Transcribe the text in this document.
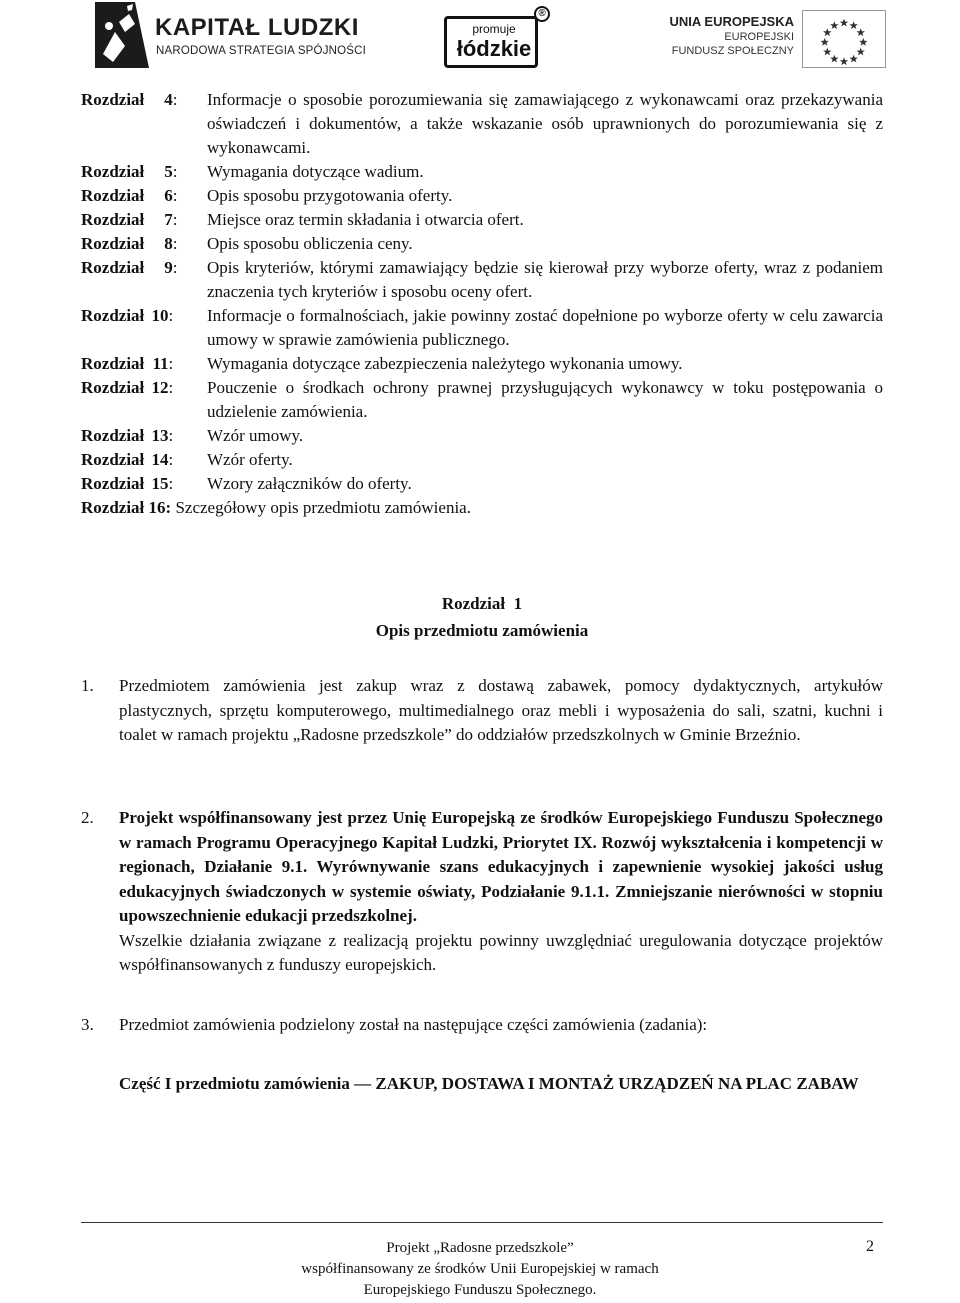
KAPITAŁ LUDZKI
NARODOWA STRATEGIA SPÓJNOŚCI
promuje
łódzkie
®
UNIA EUROPEJSKA
EUROPEJSKI
FUNDUSZ SPOŁECZNY
Rozdział 4: Informacje o sposobie porozumiewania się zamawiającego z wykonawcami oraz przekazywania oświadczeń i dokumentów, a także wskazanie osób uprawnionych do porozumiewania się z wykonawcami.
Rozdział 5: Wymagania dotyczące wadium.
Rozdział 6: Opis sposobu przygotowania oferty.
Rozdział 7: Miejsce oraz termin składania i otwarcia ofert.
Rozdział 8: Opis sposobu obliczenia ceny.
Rozdział 9: Opis kryteriów, którymi zamawiający będzie się kierował przy wyborze oferty, wraz z podaniem znaczenia tych kryteriów i sposobu oceny ofert.
Rozdział 10: Informacje o formalnościach, jakie powinny zostać dopełnione po wyborze oferty w celu zawarcia umowy w sprawie zamówienia publicznego.
Rozdział 11: Wymagania dotyczące zabezpieczenia należytego wykonania umowy.
Rozdział 12: Pouczenie o środkach ochrony prawnej przysługujących wykonawcy w toku postępowania o udzielenie zamówienia.
Rozdział 13: Wzór umowy.
Rozdział 14: Wzór oferty.
Rozdział 15: Wzory załączników do oferty.
Rozdział 16: Szczegółowy opis przedmiotu zamówienia.
Rozdział  1
Opis przedmiotu zamówienia
1. Przedmiotem zamówienia jest zakup wraz z dostawą zabawek, pomocy dydaktycznych, artykułów plastycznych, sprzętu komputerowego, multimedialnego oraz mebli i wyposażenia do sali, szatni, kuchni i toalet w ramach projektu „Radosne przedszkole” do oddziałów przedszkolnych w Gminie Brzeźnio.
2. Projekt współfinansowany jest przez Unię Europejską ze środków Europejskiego Funduszu Społecznego w ramach Programu Operacyjnego Kapitał Ludzki, Priorytet IX. Rozwój wykształcenia i kompetencji w regionach, Działanie 9.1. Wyrównywanie szans edukacyjnych i zapewnienie wysokiej jakości usług edukacyjnych świadczonych w systemie oświaty, Podziałanie 9.1.1. Zmniejszanie nierówności w stopniu upowszechnienie edukacji przedszkolnej.
Wszelkie działania związane z realizacją projektu powinny uwzględniać uregulowania dotyczące projektów współfinansowanych z funduszy europejskich.
3. Przedmiot zamówienia podzielony został na następujące części zamówienia (zadania):
Część I przedmiotu zamówienia — ZAKUP, DOSTAWA I MONTAŻ URZĄDZEŃ NA PLAC ZABAW
Projekt „Radosne przedszkole”
współfinansowany ze środków Unii Europejskiej w ramach
Europejskiego Funduszu Społecznego.
2
